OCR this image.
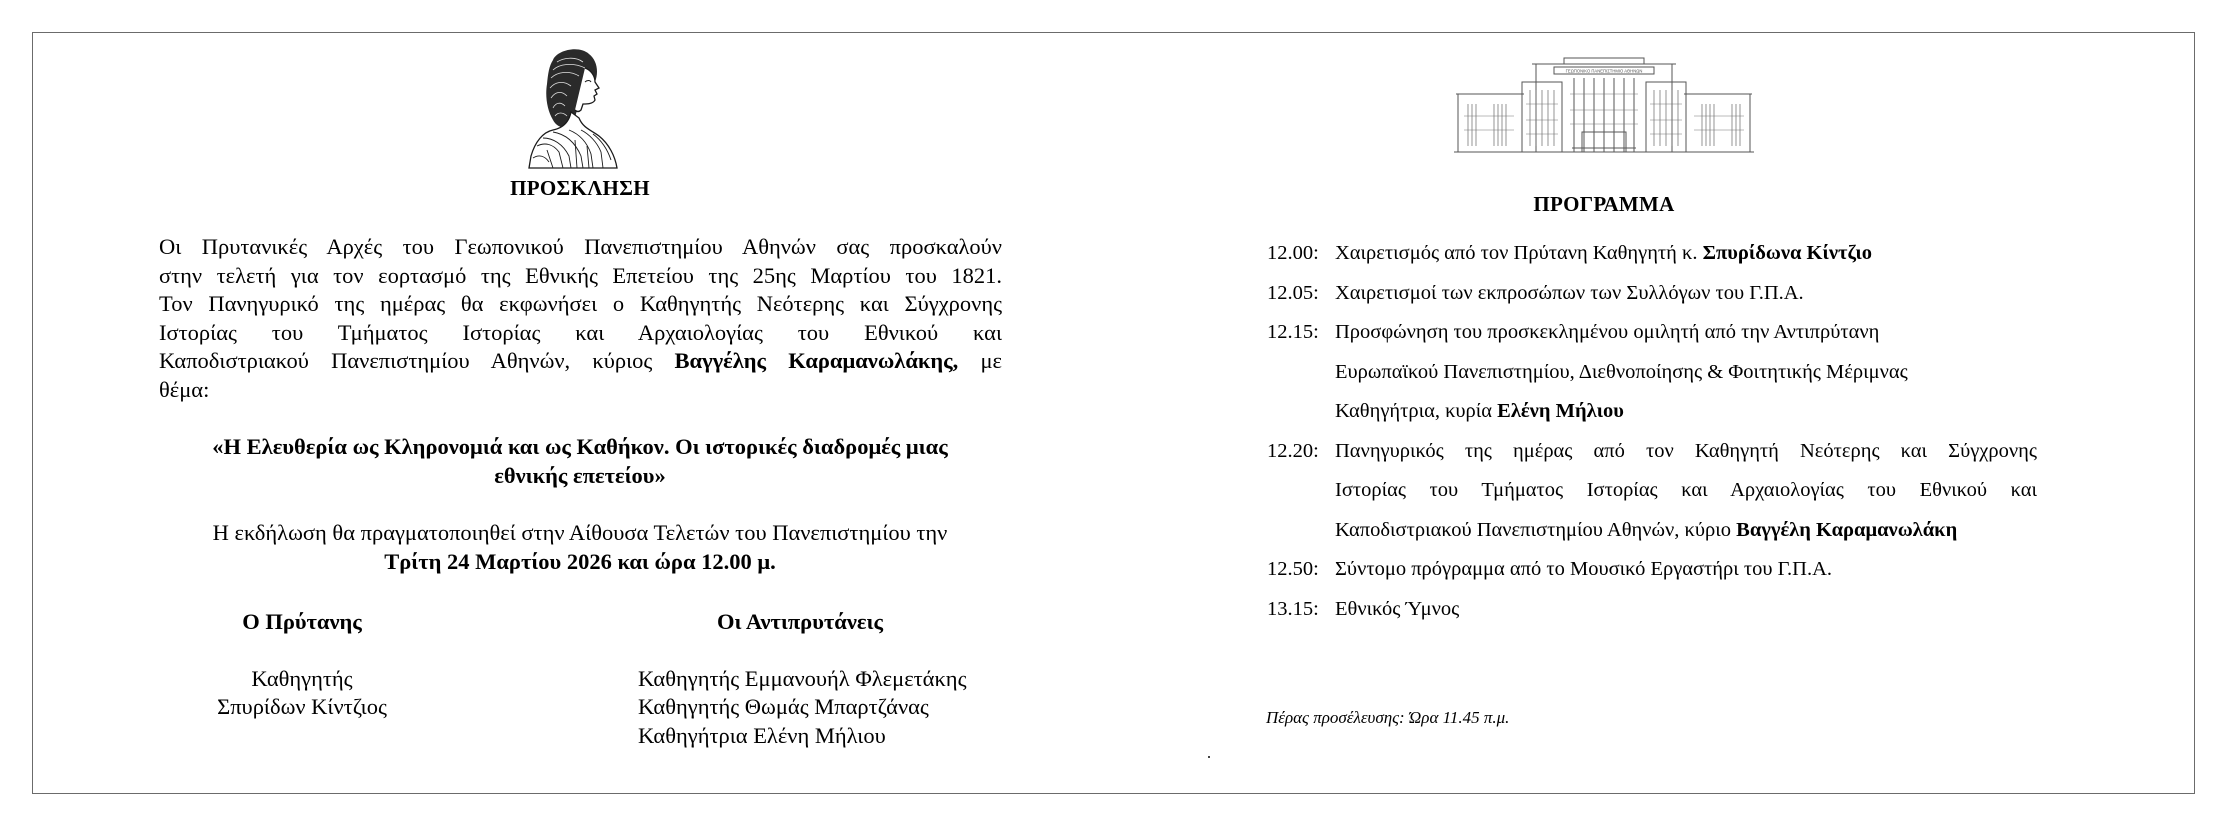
ΠΡΟΣΚΛΗΣΗ
Οι Πρυτανικές Αρχές του Γεωπονικού Πανεπιστημίου Αθηνών σας προσκαλούν
στην τελετή για τον εορτασμό της Εθνικής Επετείου της 25ης Μαρτίου του 1821.
Τον Πανηγυρικό της ημέρας θα εκφωνήσει ο Καθηγητής Νεότερης και Σύγχρονης
Ιστορίας του Τμήματος Ιστορίας και Αρχαιολογίας του Εθνικού και
Καποδιστριακού Πανεπιστημίου Αθηνών, κύριος Βαγγέλης Καραμανωλάκης, με
θέμα:
«Η Ελευθερία ως Κληρονομιά και ως Καθήκον. Οι ιστορικές διαδρομές μιας
εθνικής επετείου»
Η εκδήλωση θα πραγματοποιηθεί στην Αίθουσα Τελετών του Πανεπιστημίου την
Τρίτη 24 Μαρτίου 2026 και ώρα 12.00 μ.
Ο Πρύτανης
Καθηγητής
Σπυρίδων Κίντζιος
Οι Αντιπρυτάνεις
Καθηγητής Εμμανουήλ Φλεμετάκης
Καθηγητής Θωμάς Μπαρτζάνας
Καθηγήτρια Ελένη Μήλιου
ΓΕΩΠΟΝΙΚΟ ΠΑΝΕΠΙΣΤΗΜΙΟ ΑΘΗΝΩΝ
ΠΡΟΓΡΑΜΜΑ
12.00: Χαιρετισμός από τον Πρύτανη Καθηγητή κ. Σπυρίδωνα Κίντζιο
12.05: Χαιρετισμοί των εκπροσώπων των Συλλόγων του Γ.Π.Α.
12.15: Προσφώνηση του προσκεκλημένου ομιλητή από την Αντιπρύτανη
Ευρωπαϊκού Πανεπιστημίου, Διεθνοποίησης & Φοιτητικής Μέριμνας
Καθηγήτρια, κυρία Ελένη Μήλιου
12.20: Πανηγυρικός της ημέρας από τον Καθηγητή Νεότερης και Σύγχρονης
Ιστορίας του Τμήματος Ιστορίας και Αρχαιολογίας του Εθνικού και
Καποδιστριακού Πανεπιστημίου Αθηνών, κύριο Βαγγέλη Καραμανωλάκη
12.50: Σύντομο πρόγραμμα από το Μουσικό Εργαστήρι του Γ.Π.Α.
13.15: Εθνικός Ύμνος
Πέρας προσέλευσης: Ώρα 11.45 π.μ.
